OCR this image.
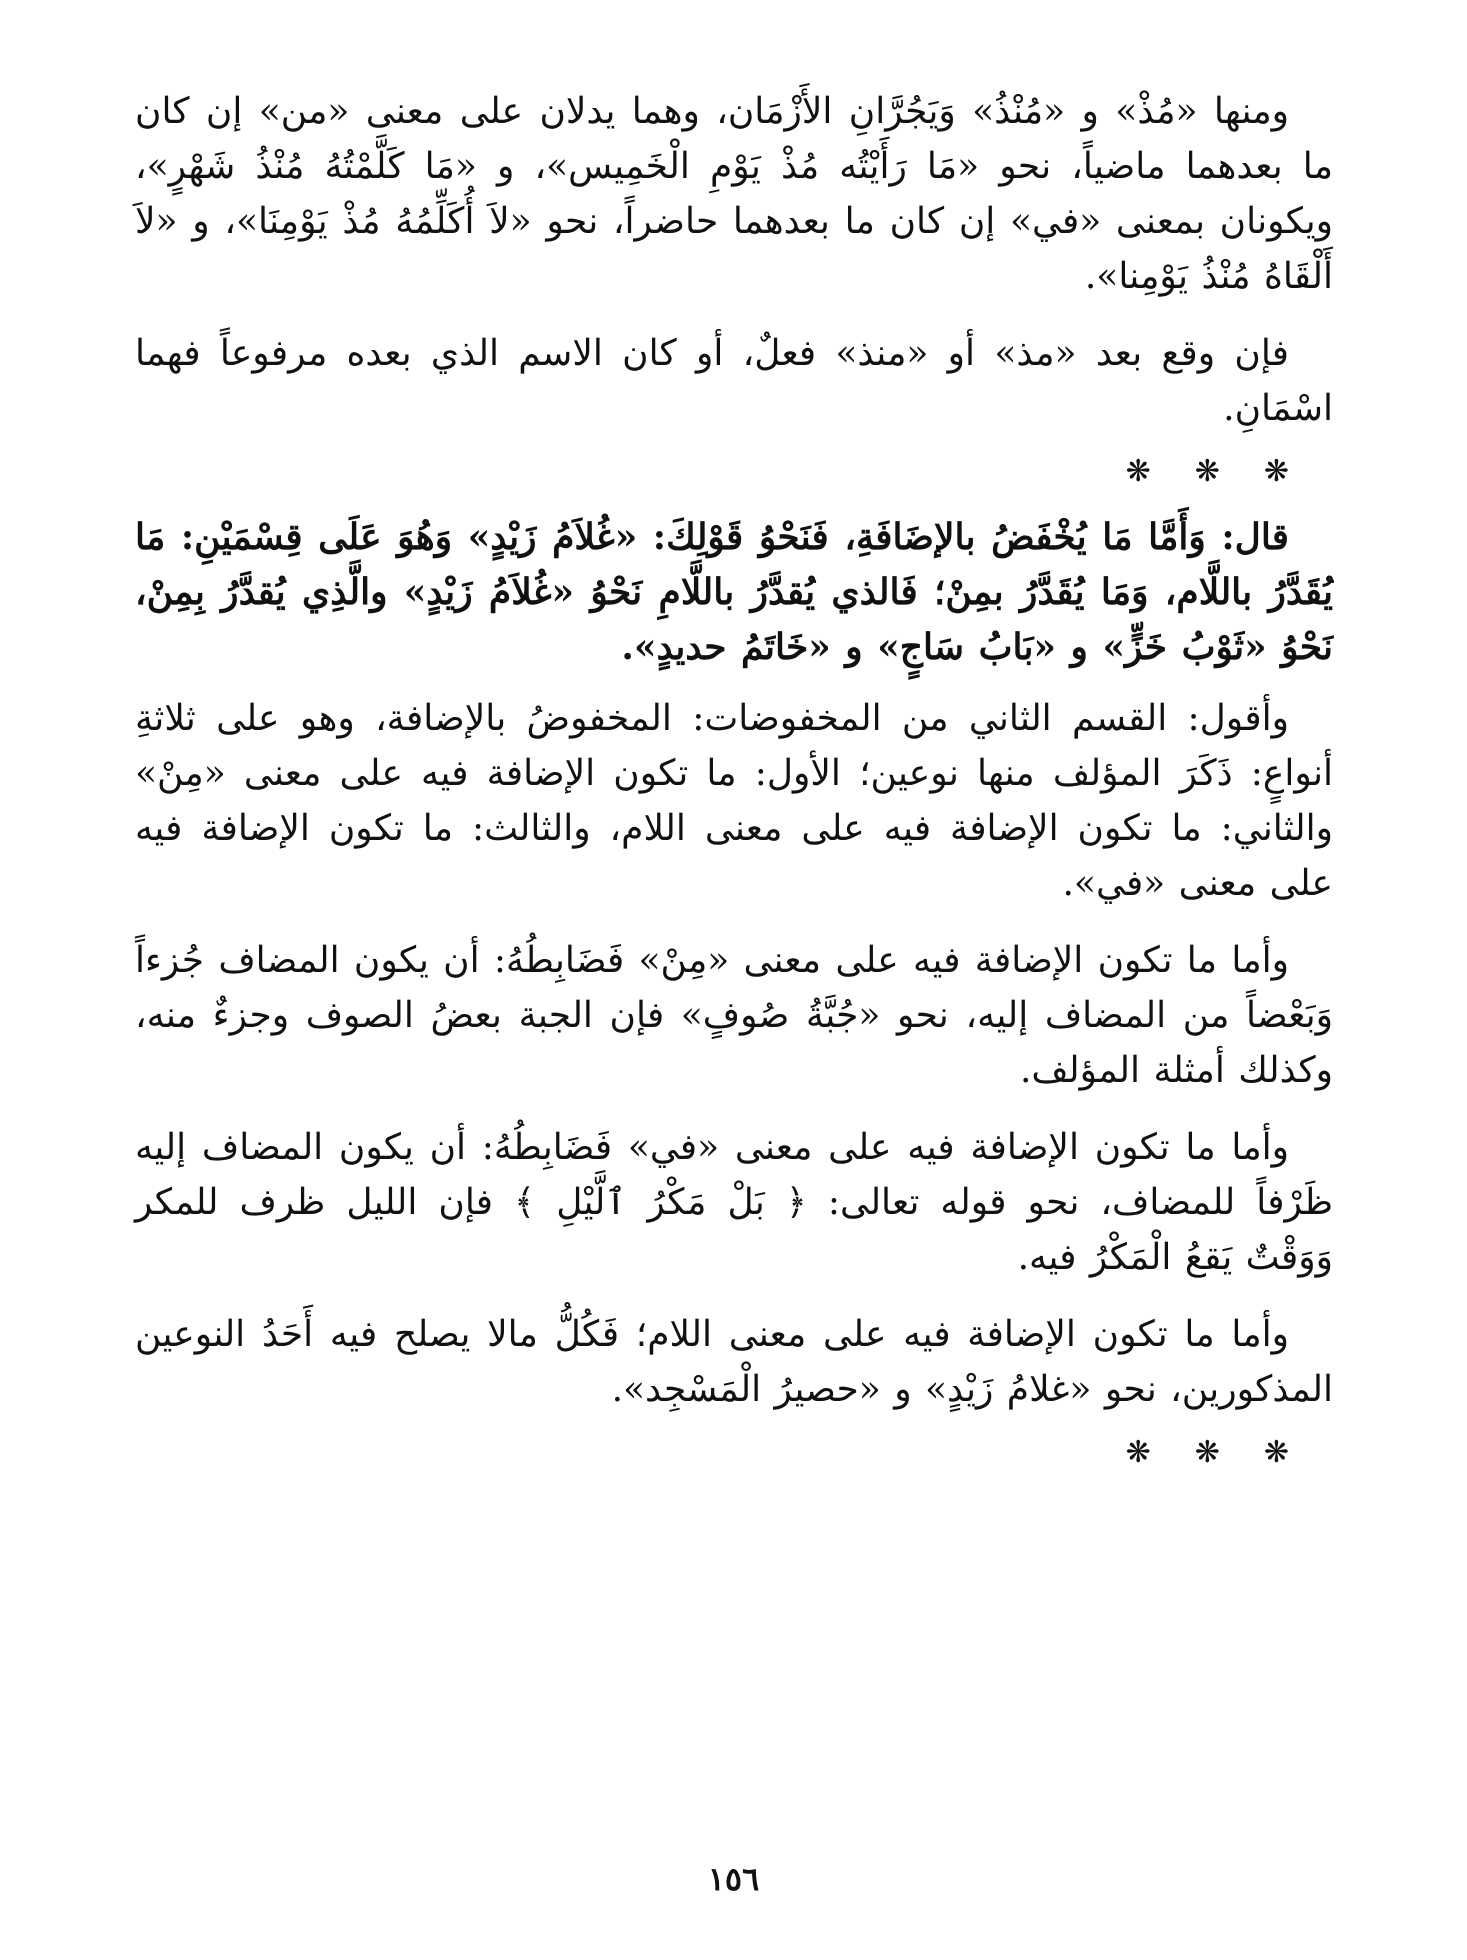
ومنها «مُذْ» و «مُنْذُ» وَيَجُرَّانِ الأَزْمَان، وهما يدلان على معنى «من» إن كان ما بعدهما ماضياً، نحو «مَا رَأَيْتُه مُذْ يَوْمِ الْخَمِيس»، و «مَا كَلَّمْتُهُ مُنْذُ شَهْرٍ»، ويكونان بمعنى «في» إن كان ما بعدهما حاضراً، نحو «لاَ أُكَلِّمُهُ مُذْ يَوْمِنَا»، و «لاَ أَلْقَاهُ مُنْذُ يَوْمِنا».

فإن وقع بعد «مذ» أو «منذ» فعلٌ، أو كان الاسم الذي بعده مرفوعاً فهما اسْمَانِ.

❋❋❋

قال: وَأَمَّا مَا يُخْفَضُ بالإضَافَةِ، فَنَحْوُ قَوْلِكَ: «غُلاَمُ زَيْدٍ» وَهُوَ عَلَى قِسْمَيْنِ: مَا يُقَدَّرُ باللَّام، وَمَا يُقَدَّرُ بمِنْ؛ فَالذي يُقدَّرُ باللَّامِ نَحْوُ «غُلاَمُ زَيْدٍ» والَّذِي يُقدَّرُ بِمِنْ، نَحْوُ «ثَوْبُ خَزٍّ» و «بَابُ سَاجٍ» و «خَاتَمُ حديدٍ».

وأقول: القسم الثاني من المخفوضات: المخفوضُ بالإضافة، وهو على ثلاثةِ أنواعٍ: ذَكَرَ المؤلف منها نوعين؛ الأول: ما تكون الإضافة فيه على معنى «مِنْ» والثاني: ما تكون الإضافة فيه على معنى اللام، والثالث: ما تكون الإضافة فيه على معنى «في».

وأما ما تكون الإضافة فيه على معنى «مِنْ» فَضَابِطُهُ: أن يكون المضاف جُزءاً وَبَعْضاً من المضاف إليه، نحو «جُبَّةُ صُوفٍ» فإن الجبة بعضُ الصوف وجزءٌ منه، وكذلك أمثلة المؤلف.

وأما ما تكون الإضافة فيه على معنى «في» فَضَابِطُهُ: أن يكون المضاف إليه ظَرْفاً للمضاف، نحو قوله تعالى: ﴿ بَلْ مَكْرُ ٱلَّيْلِ ﴾ فإن الليل ظرف للمكر وَوَقْتٌ يَقعُ الْمَكْرُ فيه.

وأما ما تكون الإضافة فيه على معنى اللام؛ فَكُلُّ مالا يصلح فيه أَحَدُ النوعين المذكورين، نحو «غلامُ زَيْدٍ» و «حصيرُ الْمَسْجِد».

❋❋❋
١٥٦
